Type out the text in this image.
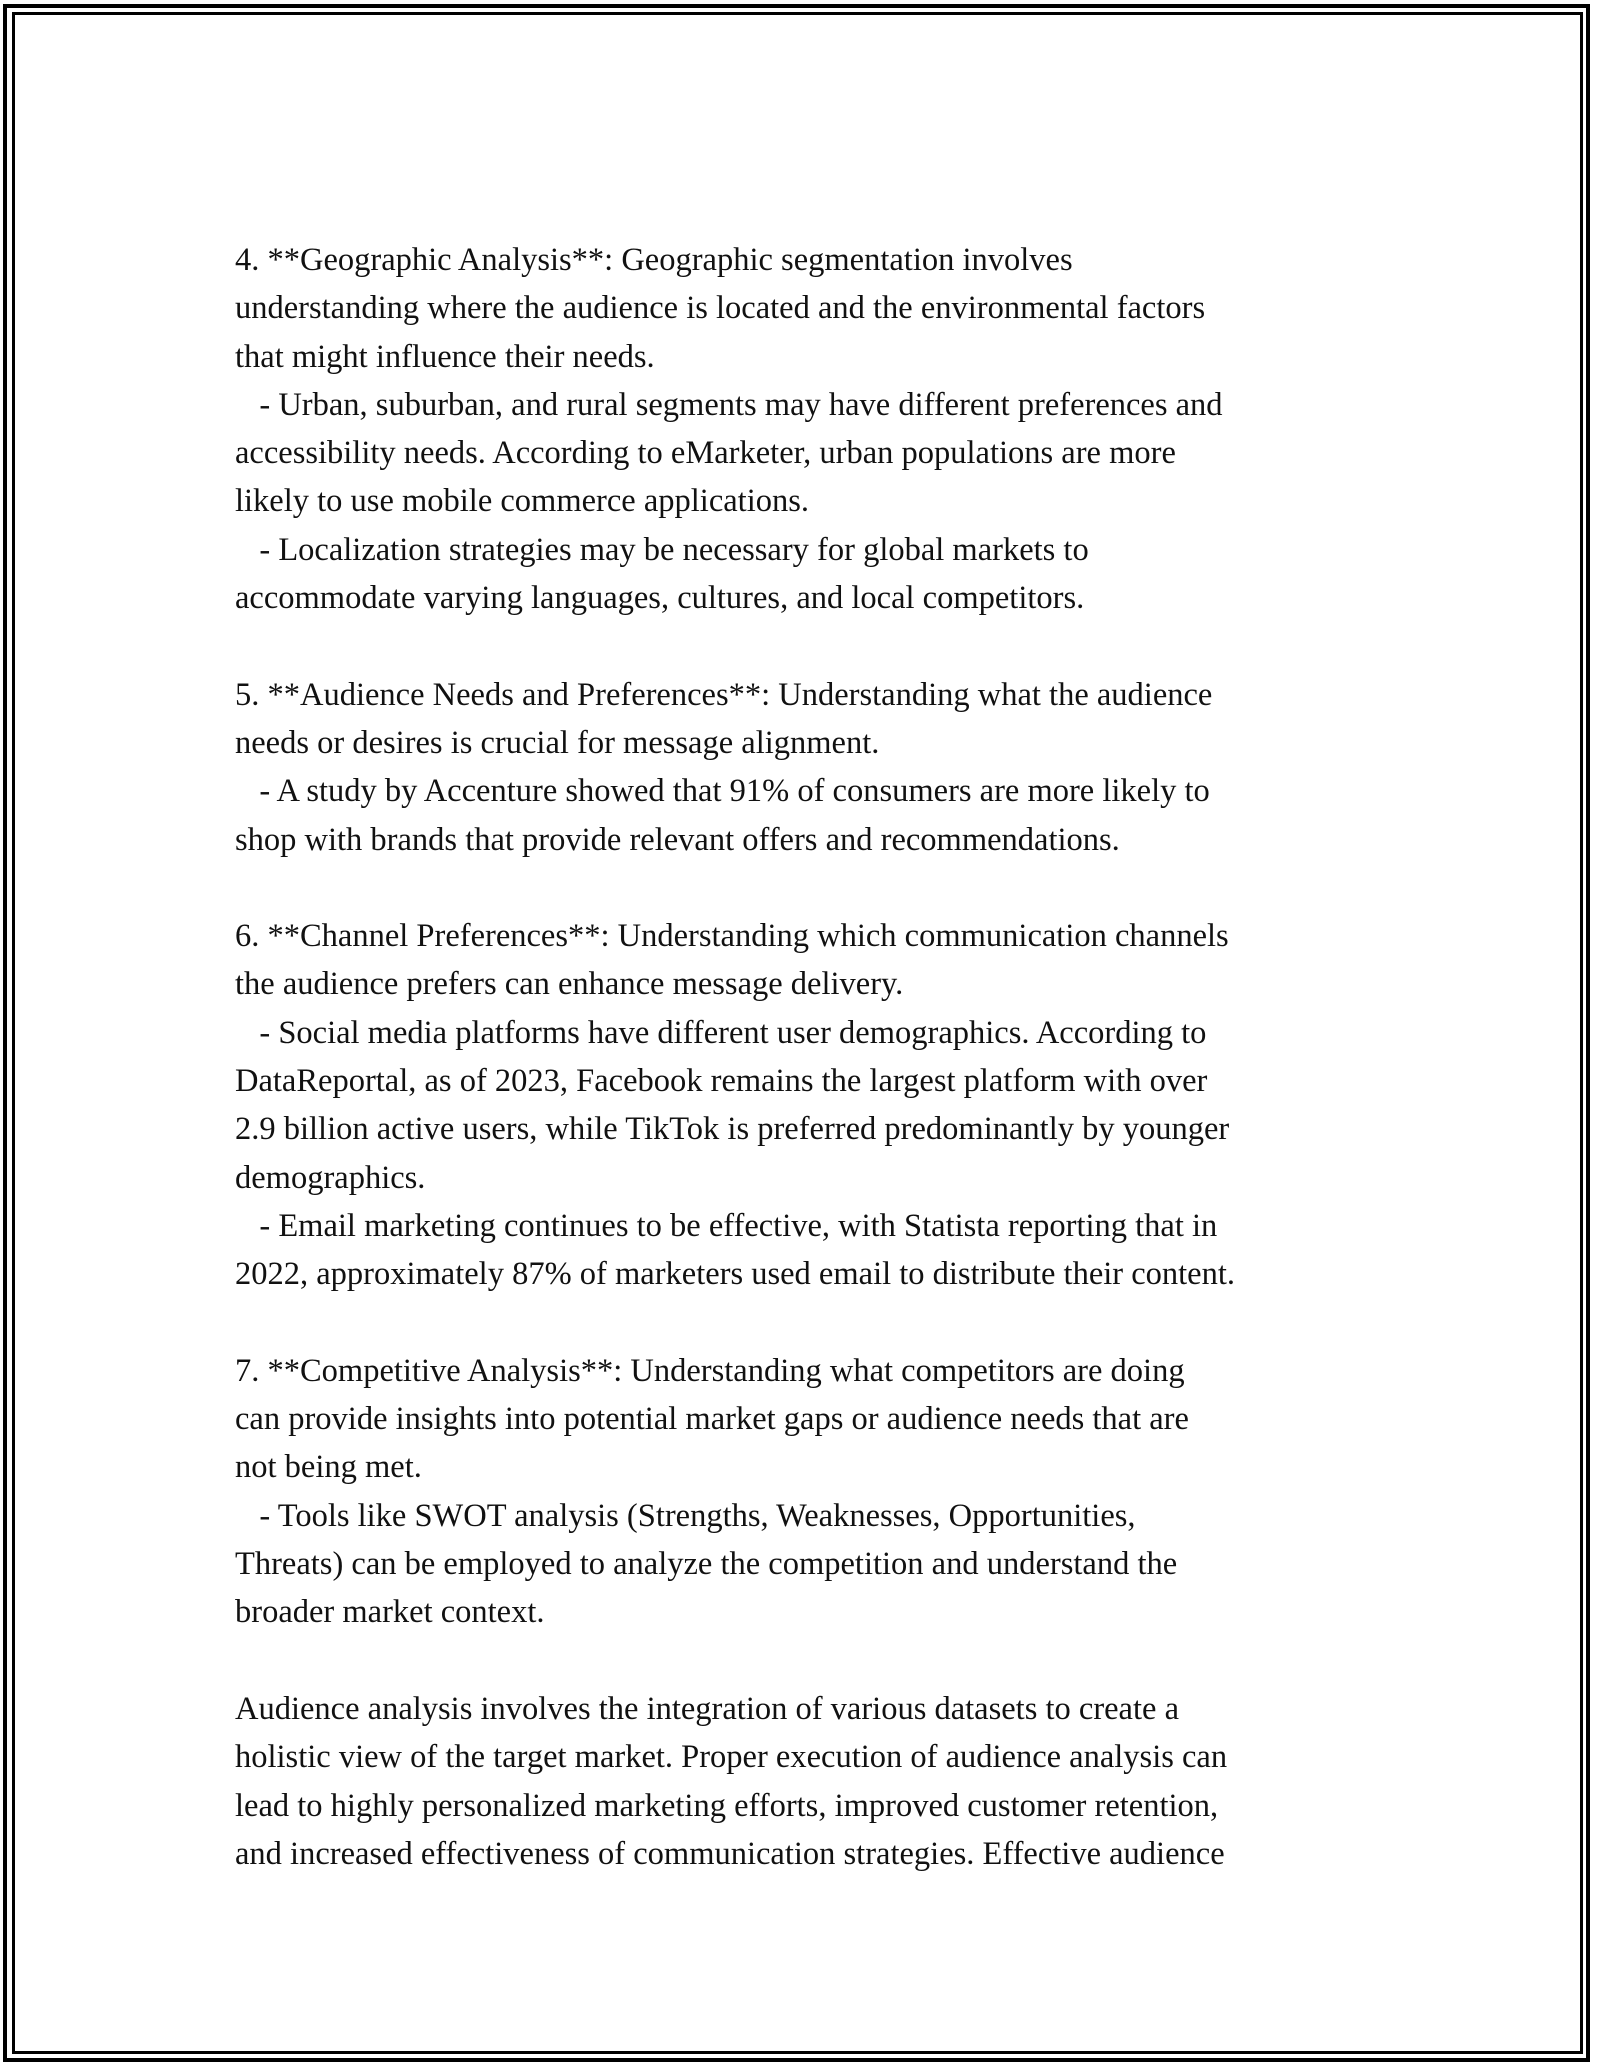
4. **Geographic Analysis**: Geographic segmentation involves
understanding where the audience is located and the environmental factors
that might influence their needs.
- Urban, suburban, and rural segments may have different preferences and
accessibility needs. According to eMarketer, urban populations are more
likely to use mobile commerce applications.
- Localization strategies may be necessary for global markets to
accommodate varying languages, cultures, and local competitors.
5. **Audience Needs and Preferences**: Understanding what the audience
needs or desires is crucial for message alignment.
- A study by Accenture showed that 91% of consumers are more likely to
shop with brands that provide relevant offers and recommendations.
6. **Channel Preferences**: Understanding which communication channels
the audience prefers can enhance message delivery.
- Social media platforms have different user demographics. According to
DataReportal, as of 2023, Facebook remains the largest platform with over
2.9 billion active users, while TikTok is preferred predominantly by younger
demographics.
- Email marketing continues to be effective, with Statista reporting that in
2022, approximately 87% of marketers used email to distribute their content.
7. **Competitive Analysis**: Understanding what competitors are doing
can provide insights into potential market gaps or audience needs that are
not being met.
- Tools like SWOT analysis (Strengths, Weaknesses, Opportunities,
Threats) can be employed to analyze the competition and understand the
broader market context.
Audience analysis involves the integration of various datasets to create a
holistic view of the target market. Proper execution of audience analysis can
lead to highly personalized marketing efforts, improved customer retention,
and increased effectiveness of communication strategies. Effective audience
